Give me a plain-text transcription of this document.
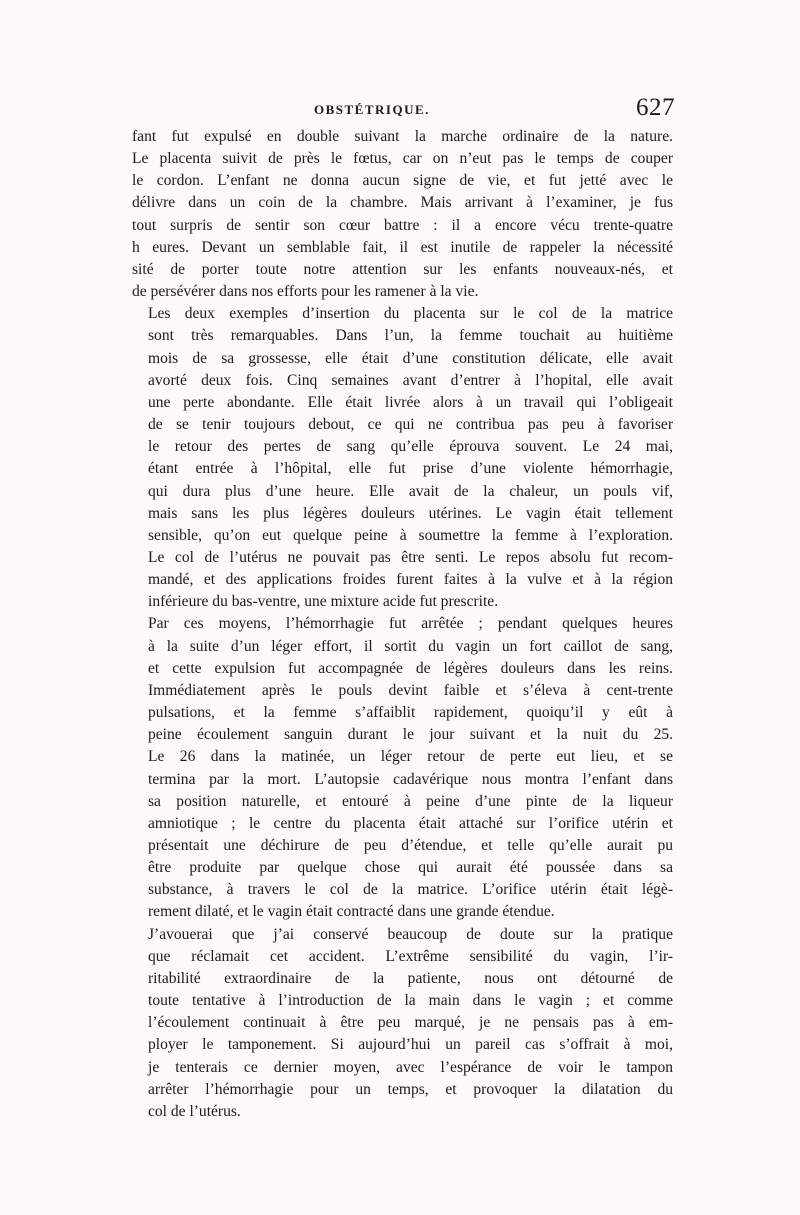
OBSTÉTRIQUE.	627

fant fut expulsé en double suivant la marche ordinaire de la nature.
Le placenta suivit de près le fœtus, car on n’eut pas le temps de couper
le cordon. L’enfant ne donna aucun signe de vie, et fut jetté avec le
délivre dans un coin de la chambre. Mais arrivant à l’examiner, je fus
tout surpris de sentir son cœur battre : il a encore vécu trente-quatre
h eures. Devant un semblable fait, il est inutile de rappeler la nécessité
sité de porter toute notre attention sur les enfants nouveaux-nés, et
de persévérer dans nos efforts pour les ramener à la vie.

Les deux exemples d’insertion du placenta sur le col de la matrice
sont très remarquables. Dans l’un, la femme touchait au huitième
mois de sa grossesse, elle était d’une constitution délicate, elle avait
avorté deux fois. Cinq semaines avant d’entrer à l’hopital, elle avait
une perte abondante. Elle était livrée alors à un travail qui l’obligeait
de se tenir toujours debout, ce qui ne contribua pas peu à favoriser
le retour des pertes de sang qu’elle éprouva souvent. Le 24 mai,
étant entrée à l’hôpital, elle fut prise d’une violente hémorrhagie,
qui dura plus d’une heure. Elle avait de la chaleur, un pouls vif,
mais sans les plus légères douleurs utérines. Le vagin était tellement
sensible, qu’on eut quelque peine à soumettre la femme à l’exploration.
Le col de l’utérus ne pouvait pas être senti. Le repos absolu fut recom-
mandé, et des applications froides furent faites à la vulve et à la région
inférieure du bas-ventre, une mixture acide fut prescrite.

Par ces moyens, l’hémorrhagie fut arrêtée ; pendant quelques heures
à la suite d’un léger effort, il sortit du vagin un fort caillot de sang,
et cette expulsion fut accompagnée de légères douleurs dans les reins.
Immédiatement après le pouls devint faible et s’éleva à cent-trente
pulsations, et la femme s’affaiblit rapidement, quoiqu’il y eût à
peine écoulement sanguin durant le jour suivant et la nuit du 25.
Le 26 dans la matinée, un léger retour de perte eut lieu, et se
termina par la mort. L’autopsie cadavérique nous montra l’enfant dans
sa position naturelle, et entouré à peine d’une pinte de la liqueur
amniotique ; le centre du placenta était attaché sur l’orifice utérin et
présentait une déchirure de peu d’étendue, et telle qu’elle aurait pu
être produite par quelque chose qui aurait été poussée dans sa
substance, à travers le col de la matrice. L’orifice utérin était légè-
rement dilaté, et le vagin était contracté dans une grande étendue.

J’avouerai que j’ai conservé beaucoup de doute sur la pratique
que réclamait cet accident. L’extrême sensibilité du vagin, l’ir-
ritabilité extraordinaire de la patiente, nous ont détourné de
toute tentative à l’introduction de la main dans le vagin ; et comme
l’écoulement continuait à être peu marqué, je ne pensais pas à em-
ployer le tamponement. Si aujourd’hui un pareil cas s’offrait à moi,
je tenterais ce dernier moyen, avec l’espérance de voir le tampon
arrêter l’hémorrhagie pour un temps, et provoquer la dilatation du
col de l’utérus.
